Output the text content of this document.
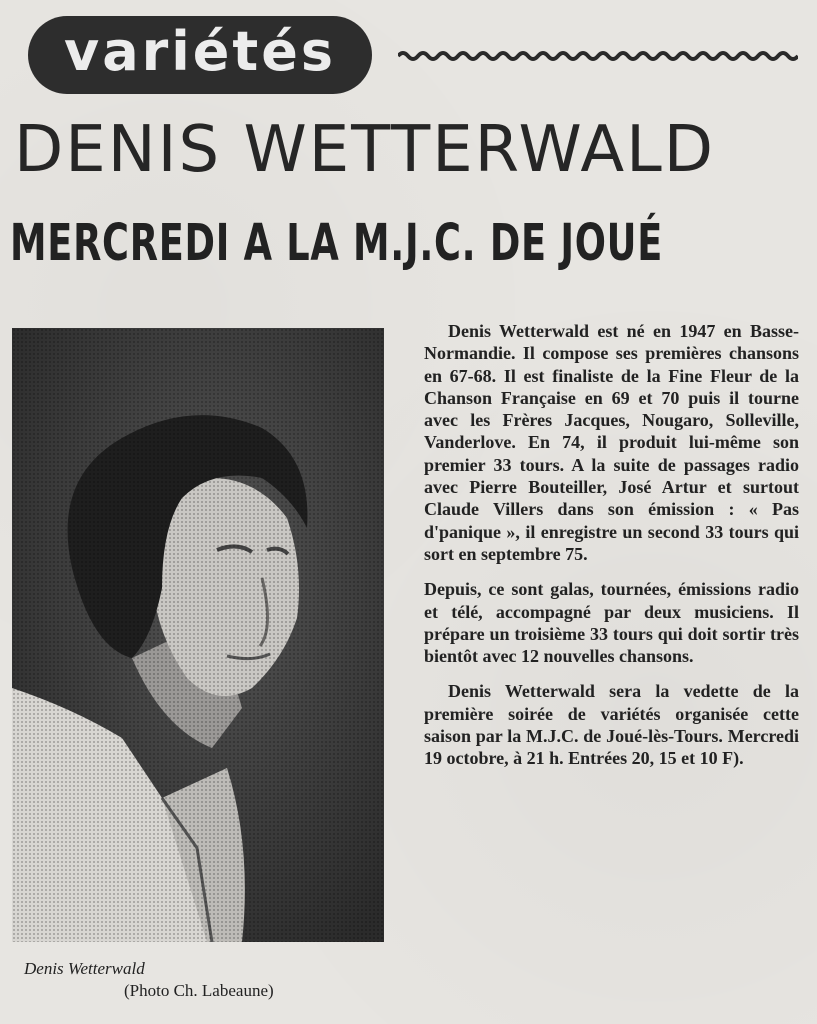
variétés
DENIS WETTERWALD
MERCREDI A LA M.J.C. DE JOUÉ
Denis Wetterwald
(Photo Ch. Labeaune)

Denis Wetterwald est né en 1947 en Basse-Normandie. Il compose ses premières chansons en 67-68. Il est finaliste de la Fine Fleur de la Chanson Française en 69 et 70 puis il tourne avec les Frères Jacques, Nougaro, Solleville, Vanderlove. En 74, il produit lui-même son premier 33 tours. A la suite de passages radio avec Pierre Bouteiller, José Artur et surtout Claude Villers dans son émission : « Pas d'panique », il enregistre un second 33 tours qui sort en septembre 75.

Depuis, ce sont galas, tournées, émissions radio et télé, accompagné par deux musiciens. Il prépare un troisième 33 tours qui doit sortir très bientôt avec 12 nouvelles chansons.

Denis Wetterwald sera la vedette de la première soirée de variétés organisée cette saison par la M.J.C. de Joué-lès-Tours. Mercredi 19 octobre, à 21 h. Entrées 20, 15 et 10 F).
